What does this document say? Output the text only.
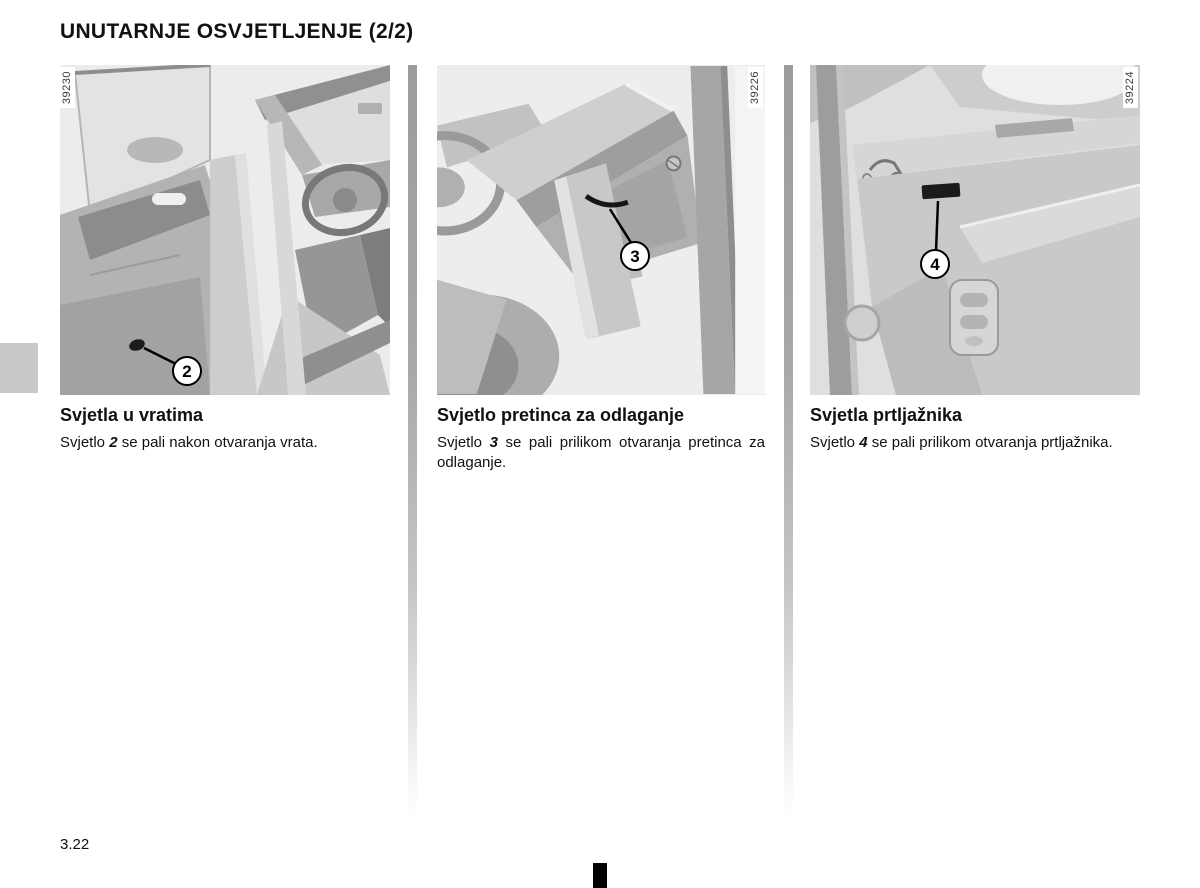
UNUTARNJE OSVJETLJENJE (2/2)
39230
2
Svjetla u vratima

Svjetlo 2 se pali nakon otvaranja vrata.

39226
3
Svjetlo pretinca za odlaganje

Svjetlo 3 se pali prilikom otvaranja pretinca za odlaganje.

39224
4
Svjetla prtljažnika

Svjetlo 4 se pali prilikom otvaranja prtljažnika.

3.22
